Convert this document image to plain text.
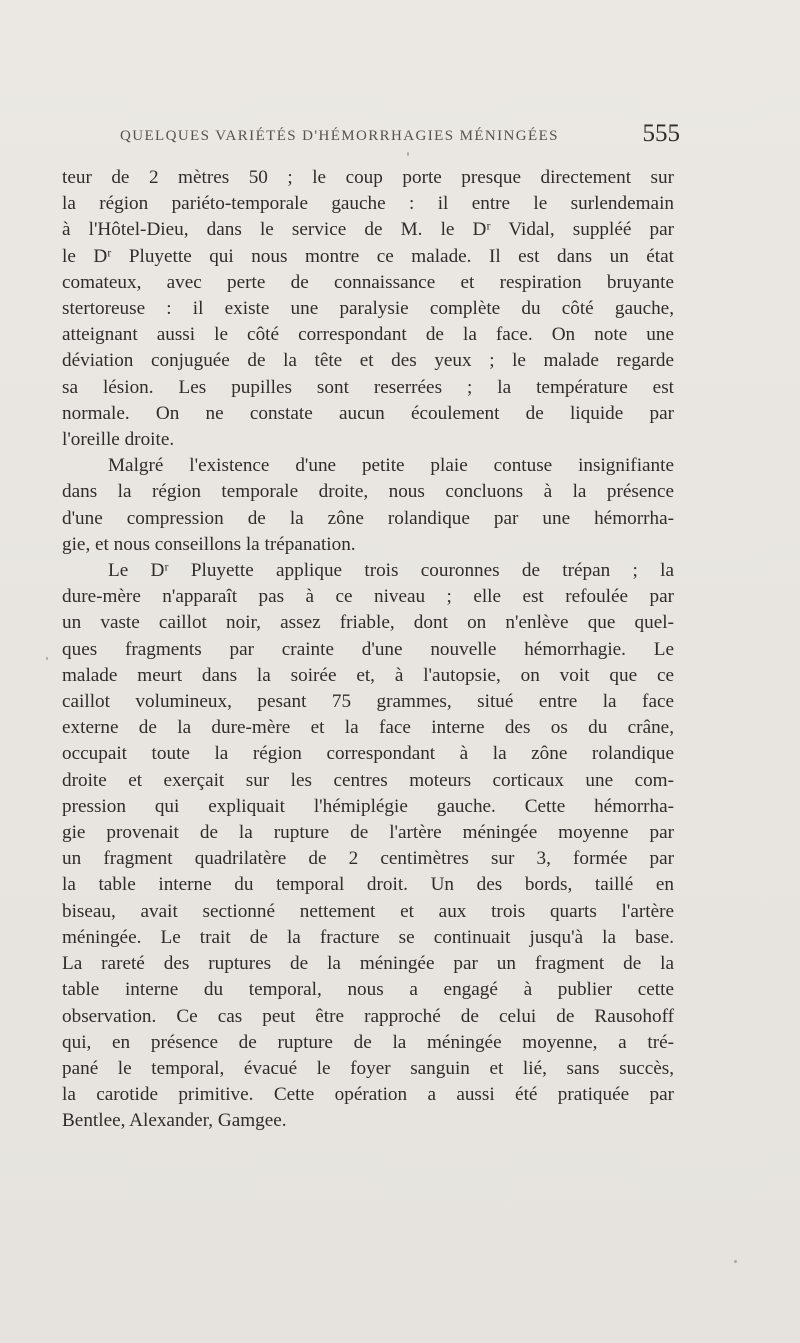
QUELQUES VARIÉTÉS D'HÉMORRHAGIES MÉNINGÉES	555

teur de 2 mètres 50 ; le coup porte presque directement sur
la région pariéto-temporale gauche : il entre le surlendemain
à l'Hôtel-Dieu, dans le service de M. le Dʳ Vidal, suppléé par
le Dʳ Pluyette qui nous montre ce malade. Il est dans un état
comateux, avec perte de connaissance et respiration bruyante
stertoreuse : il existe une paralysie complète du côté gauche,
atteignant aussi le côté correspondant de la face. On note une
déviation conjuguée de la tête et des yeux ; le malade regarde
sa lésion. Les pupilles sont reserrées ; la température est
normale. On ne constate aucun écoulement de liquide par
l'oreille droite.

Malgré l'existence d'une petite plaie contuse insignifiante
dans la région temporale droite, nous concluons à la présence
d'une compression de la zône rolandique par une hémorrha-
gie, et nous conseillons la trépanation.

Le Dʳ Pluyette applique trois couronnes de trépan ; la
dure-mère n'apparaît pas à ce niveau ; elle est refoulée par
un vaste caillot noir, assez friable, dont on n'enlève que quel-
ques fragments par crainte d'une nouvelle hémorrhagie. Le
malade meurt dans la soirée et, à l'autopsie, on voit que ce
caillot volumineux, pesant 75 grammes, situé entre la face
externe de la dure-mère et la face interne des os du crâne,
occupait toute la région correspondant à la zône rolandique
droite et exerçait sur les centres moteurs corticaux une com-
pression qui expliquait l'hémiplégie gauche. Cette hémorrha-
gie provenait de la rupture de l'artère méningée moyenne par
un fragment quadrilatère de 2 centimètres sur 3, formée par
la table interne du temporal droit. Un des bords, taillé en
biseau, avait sectionné nettement et aux trois quarts l'artère
méningée. Le trait de la fracture se continuait jusqu'à la base.
La rareté des ruptures de la méningée par un fragment de la
table interne du temporal, nous a engagé à publier cette
observation. Ce cas peut être rapproché de celui de Rausohoff
qui, en présence de rupture de la méningée moyenne, a tré-
pané le temporal, évacué le foyer sanguin et lié, sans succès,
la carotide primitive. Cette opération a aussi été pratiquée par
Bentlee, Alexander, Gamgee.
